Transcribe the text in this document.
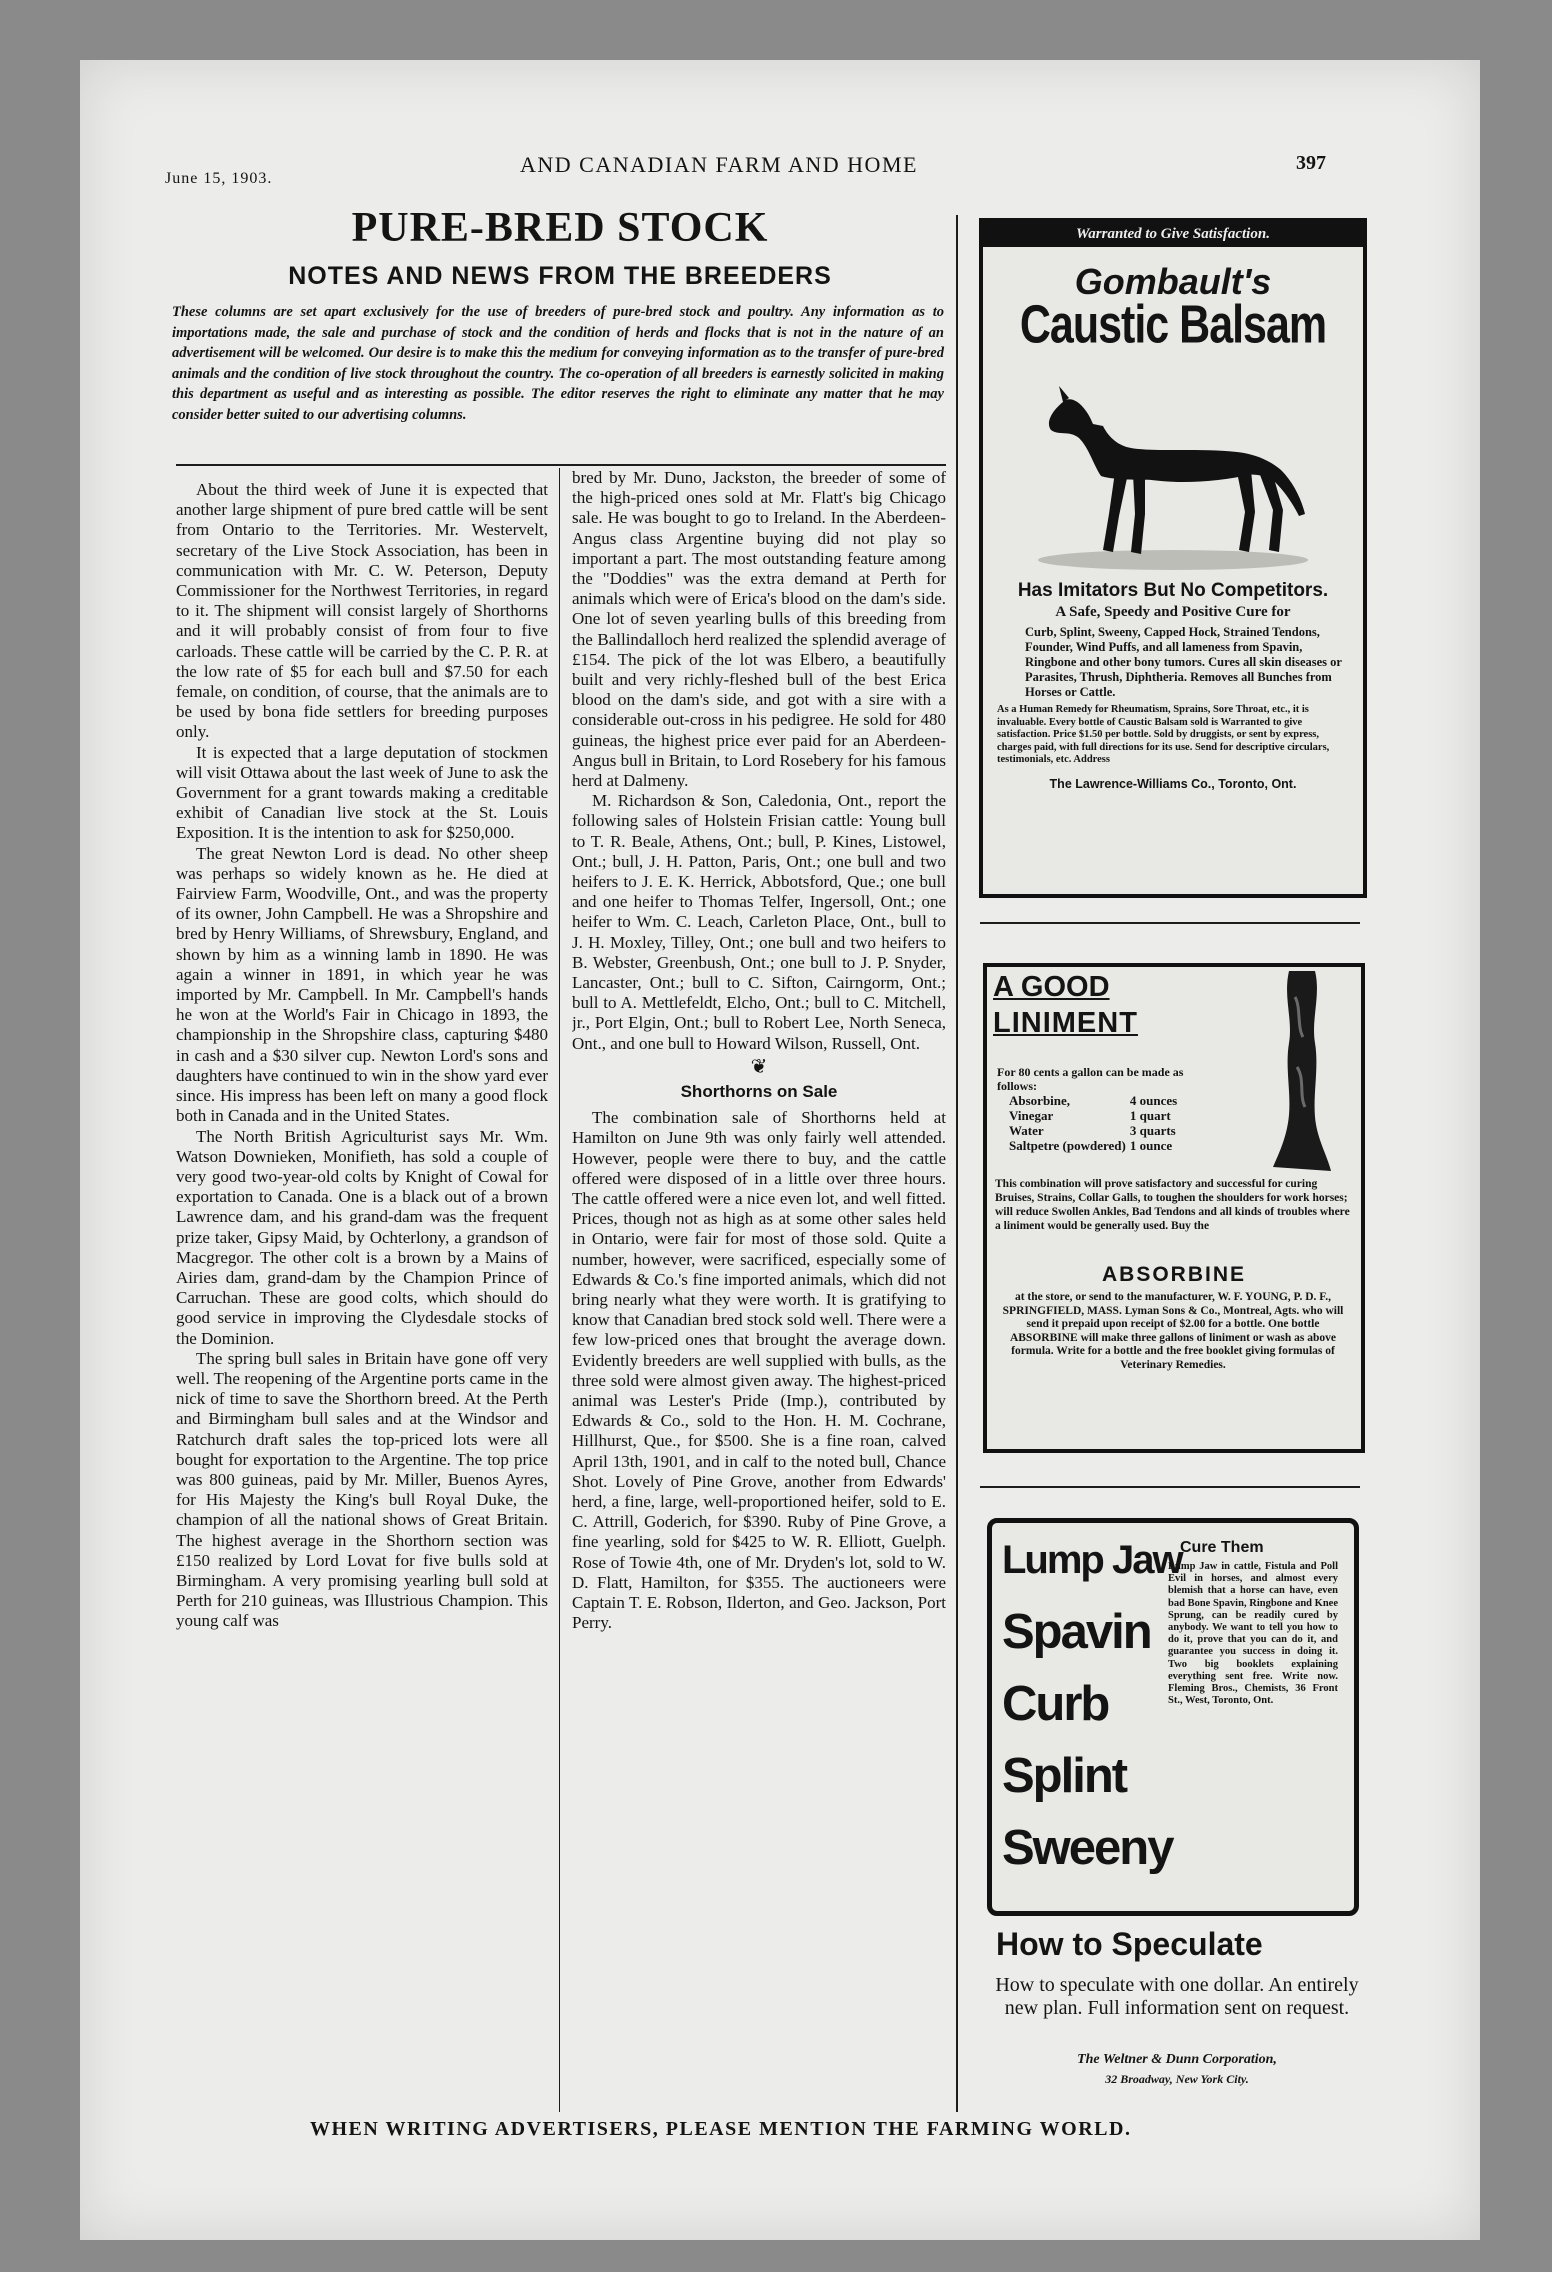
June 15, 1903.
AND CANADIAN FARM AND HOME	397
PURE-BRED STOCK
NOTES AND NEWS FROM THE BREEDERS
These columns are set apart exclusively for the use of breeders of pure-bred stock and poultry. Any information as to importations made, the sale and purchase of stock and the condition of herds and flocks that is not in the nature of an advertisement will be welcomed. Our desire is to make this the medium for conveying information as to the transfer of pure-bred animals and the condition of live stock throughout the country. The co-operation of all breeders is earnestly solicited in making this department as useful and as interesting as possible. The editor reserves the right to eliminate any matter that he may consider better suited to our advertising columns.

About the third week of June it is expected that another large shipment of pure bred cattle will be sent from Ontario to the Territories. Mr. Westervelt, secretary of the Live Stock Association, has been in communication with Mr. C. W. Peterson, Deputy Commissioner for the Northwest Territories, in regard to it. The shipment will consist largely of Shorthorns and it will probably consist of from four to five carloads. These cattle will be carried by the C. P. R. at the low rate of $5 for each bull and $7.50 for each female, on condition, of course, that the animals are to be used by bona fide settlers for breeding purposes only.

It is expected that a large deputation of stockmen will visit Ottawa about the last week of June to ask the Government for a grant towards making a creditable exhibit of Canadian live stock at the St. Louis Exposition. It is the intention to ask for $250,000.

The great Newton Lord is dead. No other sheep was perhaps so widely known as he. He died at Fairview Farm, Woodville, Ont., and was the property of its owner, John Campbell. He was a Shropshire and bred by Henry Williams, of Shrewsbury, England, and shown by him as a winning lamb in 1890. He was again a winner in 1891, in which year he was imported by Mr. Campbell. In Mr. Campbell's hands he won at the World's Fair in Chicago in 1893, the championship in the Shropshire class, capturing $480 in cash and a $30 silver cup. Newton Lord's sons and daughters have continued to win in the show yard ever since. His impress has been left on many a good flock both in Canada and in the United States.

The North British Agriculturist says Mr. Wm. Watson Downieken, Monifieth, has sold a couple of very good two-year-old colts by Knight of Cowal for exportation to Canada. One is a black out of a brown Lawrence dam, and his grand-dam was the frequent prize taker, Gipsy Maid, by Ochterlony, a grandson of Macgregor. The other colt is a brown by a Mains of Airies dam, grand-dam by the Champion Prince of Carruchan. These are good colts, which should do good service in improving the Clydesdale stocks of the Dominion.

The spring bull sales in Britain have gone off very well. The reopening of the Argentine ports came in the nick of time to save the Shorthorn breed. At the Perth and Birmingham bull sales and at the Windsor and Ratchurch draft sales the top-priced lots were all bought for exportation to the Argentine. The top price was 800 guineas, paid by Mr. Miller, Buenos Ayres, for His Majesty the King's bull Royal Duke, the champion of all the national shows of Great Britain. The highest average in the Shorthorn section was £150 realized by Lord Lovat for five bulls sold at Birmingham. A very promising yearling bull sold at Perth for 210 guineas, was Illustrious Champion. This young calf was

bred by Mr. Duno, Jackston, the breeder of some of the high-priced ones sold at Mr. Flatt's big Chicago sale. He was bought to go to Ireland. In the Aberdeen-Angus class Argentine buying did not play so important a part. The most outstanding feature among the "Doddies" was the extra demand at Perth for animals which were of Erica's blood on the dam's side. One lot of seven yearling bulls of this breeding from the Ballindalloch herd realized the splendid average of £154. The pick of the lot was Elbero, a beautifully built and very richly-fleshed bull of the best Erica blood on the dam's side, and got with a sire with a considerable out-cross in his pedigree. He sold for 480 guineas, the highest price ever paid for an Aberdeen-Angus bull in Britain, to Lord Rosebery for his famous herd at Dalmeny.

M. Richardson & Son, Caledonia, Ont., report the following sales of Holstein Frisian cattle: Young bull to T. R. Beale, Athens, Ont.; bull, P. Kines, Listowel, Ont.; bull, J. H. Patton, Paris, Ont.; one bull and two heifers to J. E. K. Herrick, Abbotsford, Que.; one bull and one heifer to Thomas Telfer, Ingersoll, Ont.; one heifer to Wm. C. Leach, Carleton Place, Ont., bull to J. H. Moxley, Tilley, Ont.; one bull and two heifers to B. Webster, Greenbush, Ont.; one bull to J. P. Snyder, Lancaster, Ont.; bull to C. Sifton, Cairngorm, Ont.; bull to A. Mettlefeldt, Elcho, Ont.; bull to C. Mitchell, jr., Port Elgin, Ont.; bull to Robert Lee, North Seneca, Ont., and one bull to Howard Wilson, Russell, Ont.

❦
Shorthorns on Sale

The combination sale of Shorthorns held at Hamilton on June 9th was only fairly well attended. However, people were there to buy, and the cattle offered were disposed of in a little over three hours. The cattle offered were a nice even lot, and well fitted. Prices, though not as high as at some other sales held in Ontario, were fair for most of those sold. Quite a number, however, were sacrificed, especially some of Edwards & Co.'s fine imported animals, which did not bring nearly what they were worth. It is gratifying to know that Canadian bred stock sold well. There were a few low-priced ones that brought the average down. Evidently breeders are well supplied with bulls, as the three sold were almost given away. The highest-priced animal was Lester's Pride (Imp.), contributed by Edwards & Co., sold to the Hon. H. M. Cochrane, Hillhurst, Que., for $500. She is a fine roan, calved April 13th, 1901, and in calf to the noted bull, Chance Shot. Lovely of Pine Grove, another from Edwards' herd, a fine, large, well-proportioned heifer, sold to E. C. Attrill, Goderich, for $390. Ruby of Pine Grove, a fine yearling, sold for $425 to W. R. Elliott, Guelph. Rose of Towie 4th, one of Mr. Dryden's lot, sold to W. D. Flatt, Hamilton, for $355. The auctioneers were Captain T. E. Robson, Ilderton, and Geo. Jackson, Port Perry.

Warranted to Give Satisfaction.
Gombault's
Caustic Balsam
Has Imitators But No Competitors.
A Safe, Speedy and Positive Cure for
Curb, Splint, Sweeny, Capped Hock, Strained Tendons, Founder, Wind Puffs, and all lameness from Spavin, Ringbone and other bony tumors. Cures all skin diseases or Parasites, Thrush, Diphtheria. Removes all Bunches from Horses or Cattle.
As a Human Remedy for Rheumatism, Sprains, Sore Throat, etc., it is invaluable. Every bottle of Caustic Balsam sold is Warranted to give satisfaction. Price $1.50 per bottle. Sold by druggists, or sent by express, charges paid, with full directions for its use. Send for descriptive circulars, testimonials, etc. Address
The Lawrence-Williams Co., Toronto, Ont.
A GOOD
LINIMENT
For 80 cents a gallon can be made as follows:
Absorbine,	4 ounces
Vinegar	1 quart
Water	3 quarts
Saltpetre (powdered)	1 ounce
This combination will prove satisfactory and successful for curing Bruises, Strains, Collar Galls, to toughen the shoulders for work horses; will reduce Swollen Ankles, Bad Tendons and all kinds of troubles where a liniment would be generally used. Buy the
ABSORBINE
at the store, or send to the manufacturer, W. F. YOUNG, P. D. F., SPRINGFIELD, MASS. Lyman Sons & Co., Montreal, Agts. who will send it prepaid upon receipt of $2.00 for a bottle. One bottle ABSORBINE will make three gallons of liniment or wash as above formula. Write for a bottle and the free booklet giving formulas of Veterinary Remedies.
Lump Jaw
Spavin
Curb
Splint
Sweeny
Cure Them
Lump Jaw in cattle, Fistula and Poll Evil in horses, and almost every blemish that a horse can have, even bad Bone Spavin, Ringbone and Knee Sprung, can be readily cured by anybody. We want to tell you how to do it, prove that you can do it, and guarantee you success in doing it. Two big booklets explaining everything sent free. Write now. Fleming Bros., Chemists, 36 Front St., West, Toronto, Ont.
How to Speculate
How to speculate with one dollar. An entirely new plan. Full information sent on request.
The Weltner & Dunn Corporation,
32 Broadway, New York City.
WHEN WRITING ADVERTISERS, PLEASE MENTION THE FARMING WORLD.
